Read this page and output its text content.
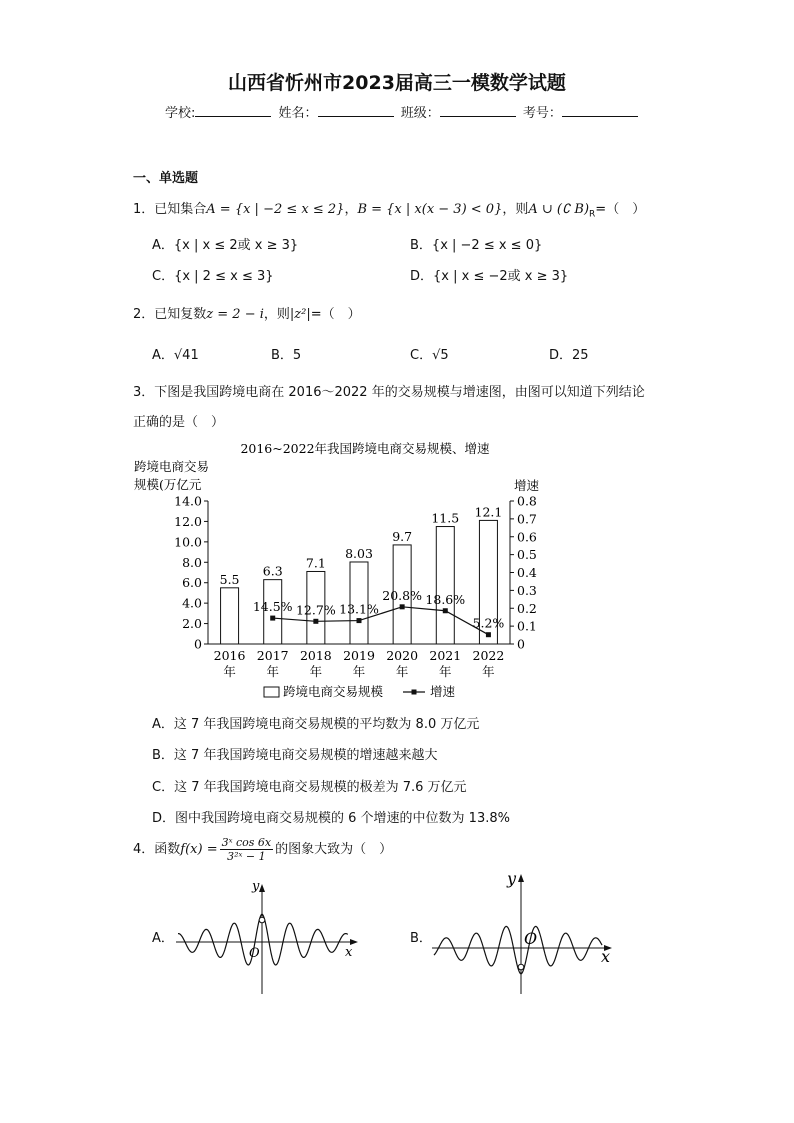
山西省忻州市2023届高三一模数学试题
学校:	姓名：	班级：	考号：
一、单选题
1．已知集合A = {x | −2 ≤ x ≤ 2}，B = {x | x(x − 3) < 0}，则A ∪ (∁ $B)_R=$（　）
A．{x | x ≤ 2或 x ≥ 3}	B．{x | −2 ≤ x ≤ 0}
C．{x | 2 ≤ x ≤ 3}	D．{x | x ≤ −2或 x ≥ 3}
2．已知复数z = 2 − i，则|z²|=（　）
A．√41	B．5	C．√5	D．25
3．下图是我国跨境电商在 2016～2022 年的交易规模与增速图，由图可以知道下列结论
正确的是（　）
2016~2022年我国跨境电商交易规模、增速
跨境电商交易
规模(万亿元	增速
0
2.0
4.0
6.0
8.0
10.0
12.0
14.0
0
0.1
0.2
0.3
0.4
0.5
0.6
0.7
0.8
5.5
6.3
7.1
8.03
9.7
11.5 12.1
2016
年
2017
年
2018
年
2019
年
2020
年
2021
年
2022
年
14.5% 12.7% 13.1%
20.8% 18.6%
5.2%
跨境电商交易规模	增速
A．这 7 年我国跨境电商交易规模的平均数为 8.0 万亿元
B．这 7 年我国跨境电商交易规模的增速越来越大
C．这 7 年我国跨境电商交易规模的极差为 7.6 万亿元
D．图中我国跨境电商交易规模的 6 个增速的中位数为 13.8%
4．函数$f(x) = \frac{\text{3ˣ cos 6x}}{\text{3²ˣ − 1}}$ 的图象大致为（　）
A．
x
y
O
B．
x
y
O
